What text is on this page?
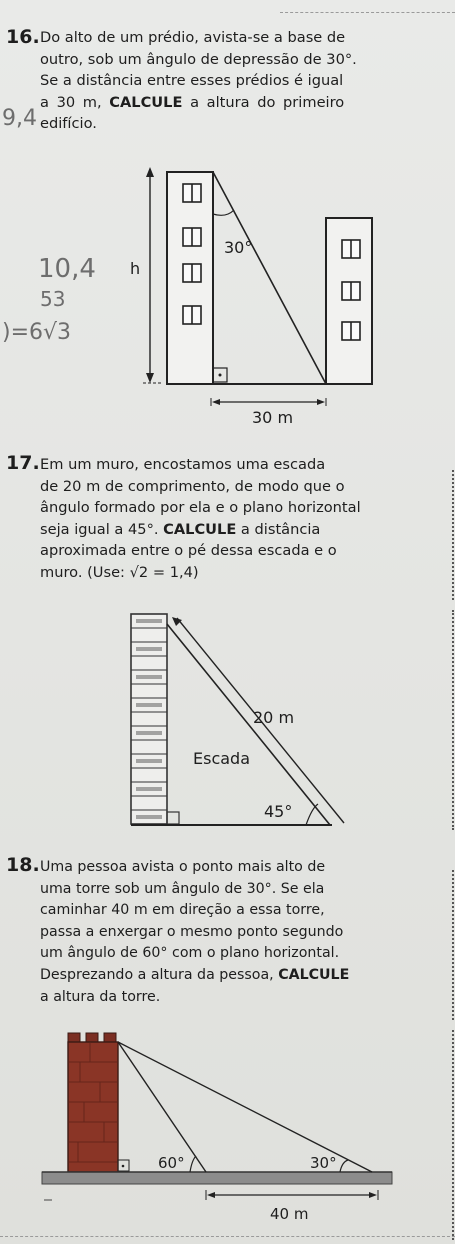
16. Do alto de um prédio, avista-se a base de
outro, sob um ângulo de depressão de 30°.
Se a distância entre esses prédios é igual
a 30 m, CALCULE a altura do primeiro
edifício.
9,4
10,4
53
)=6√3
30°
h
30 m
17. Em um muro, encostamos uma escada
de 20 m de comprimento, de modo que o
ângulo formado por ela e o plano horizontal
seja igual a 45°. CALCULE a distância
aproximada entre o pé dessa escada e o
muro. (Use: √2 = 1,4)
20 m
Escada
45°
18. Uma pessoa avista o ponto mais alto de
uma torre sob um ângulo de 30°. Se ela
caminhar 40 m em direção a essa torre,
passa a enxergar o mesmo ponto segundo
um ângulo de 60° com o plano horizontal.
Desprezando a altura da pessoa, CALCULE
a altura da torre.
60°	30°
40 m
